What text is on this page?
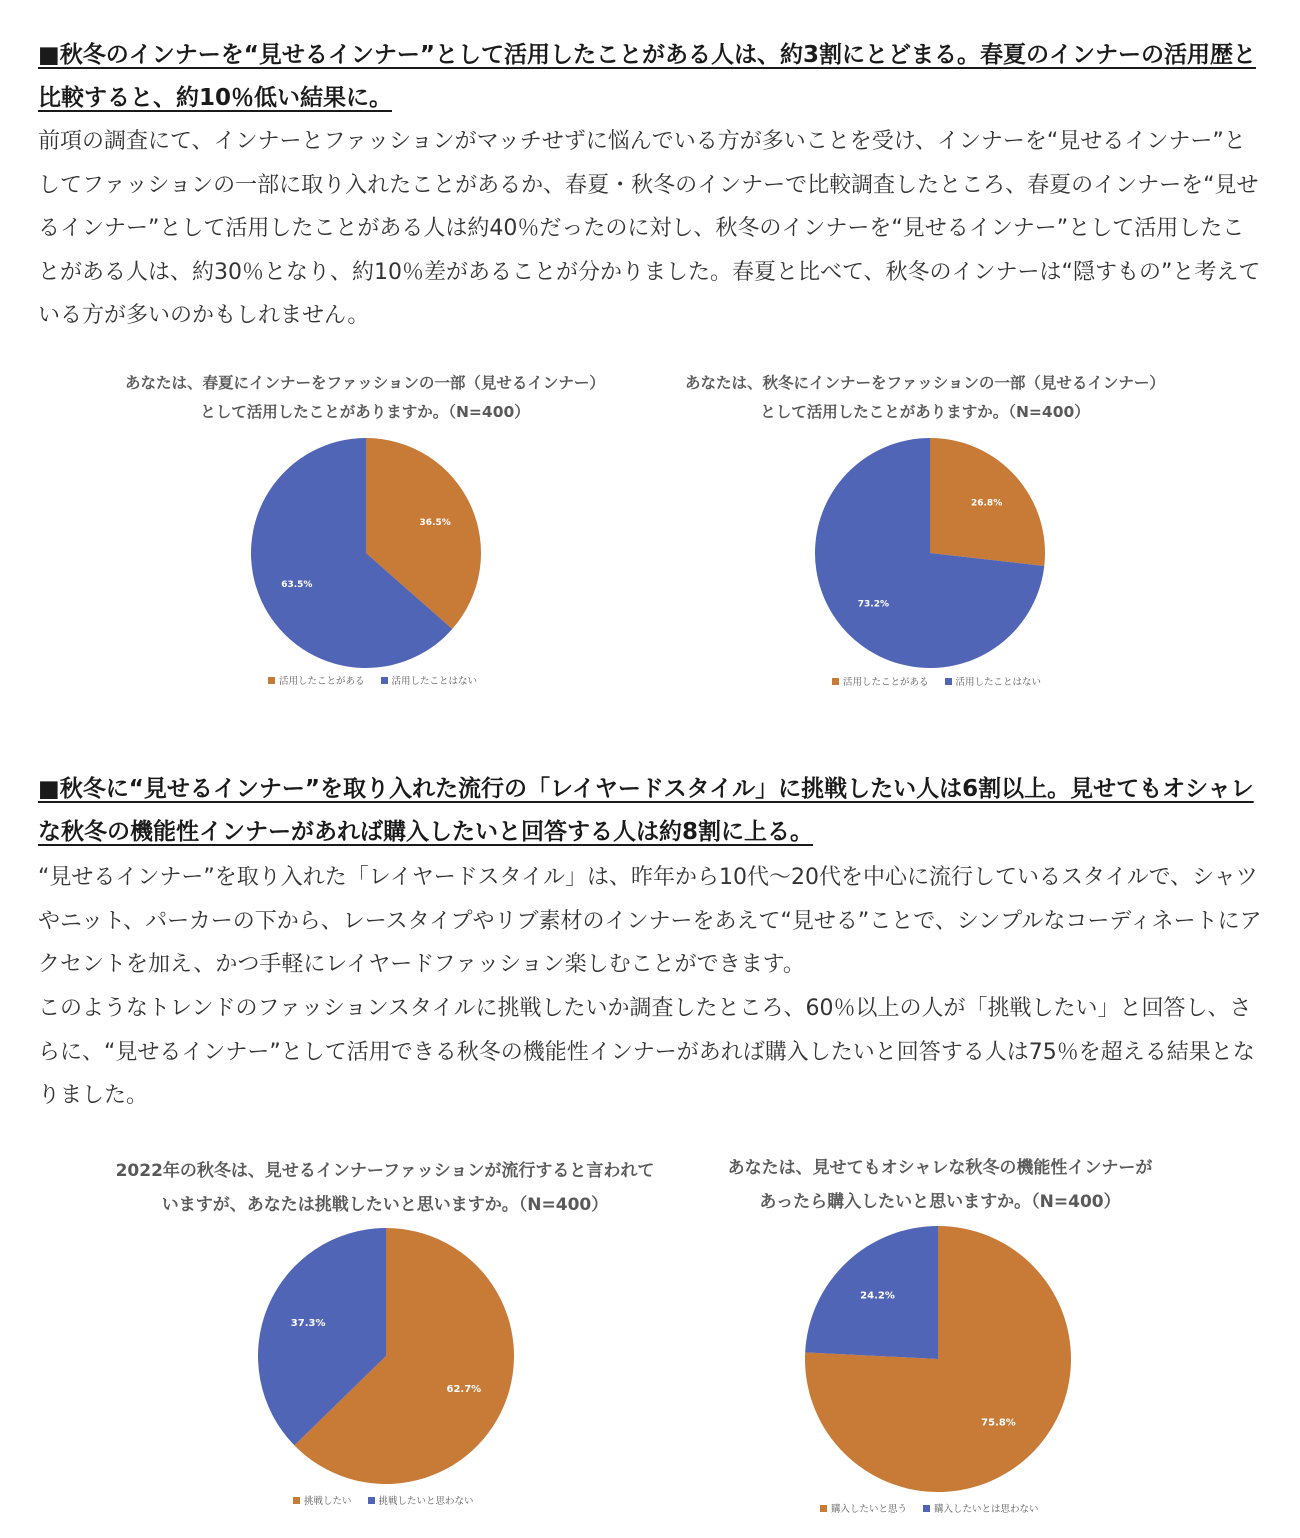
■秋冬のインナーを“見せるインナー”として活用したことがある人は、約3割にとどまる。春夏のインナーの活用歴と比較すると、約10％低い結果に。

前項の調査にて、インナーとファッションがマッチせずに悩んでいる方が多いことを受け、インナーを“見せるインナー”としてファッションの一部に取り入れたことがあるか、春夏・秋冬のインナーで比較調査したところ、春夏のインナーを“見せるインナー”として活用したことがある人は約40％だったのに対し、秋冬のインナーを“見せるインナー”として活用したことがある人は、約30％となり、約10％差があることが分かりました。春夏と比べて、秋冬のインナーは“隠すもの”と考えている方が多いのかもしれません。

あなたは、春夏にインナーをファッションの一部（見せるインナー）
として活用したことがありますか。（N=400）
36.5%
63.5%
活用したことがある	活用したことはない
あなたは、秋冬にインナーをファッションの一部（見せるインナー）
として活用したことがありますか。（N=400）
26.8%
73.2%
活用したことがある	活用したことはない
■秋冬に“見せるインナー”を取り入れた流行の「レイヤードスタイル」に挑戦したい人は6割以上。見せてもオシャレな秋冬の機能性インナーがあれば購入したいと回答する人は約8割に上る。

“見せるインナー”を取り入れた「レイヤードスタイル」は、昨年から10代〜20代を中心に流行しているスタイルで、シャツやニット、パーカーの下から、レースタイプやリブ素材のインナーをあえて“見せる”ことで、シンプルなコーディネートにアクセントを加え、かつ手軽にレイヤードファッション楽しむことができます。

このようなトレンドのファッションスタイルに挑戦したいか調査したところ、60％以上の人が「挑戦したい」と回答し、さらに、“見せるインナー”として活用できる秋冬の機能性インナーがあれば購入したいと回答する人は75％を超える結果となりました。

2022年の秋冬は、見せるインナーファッションが流行すると言われて
いますが、あなたは挑戦したいと思いますか。（N=400）
62.7%
37.3%
挑戦したい	挑戦したいと思わない
あなたは、見せてもオシャレな秋冬の機能性インナーが
あったら購入したいと思いますか。（N=400）
75.8%
24.2%
購入したいと思う	購入したいとは思わない
